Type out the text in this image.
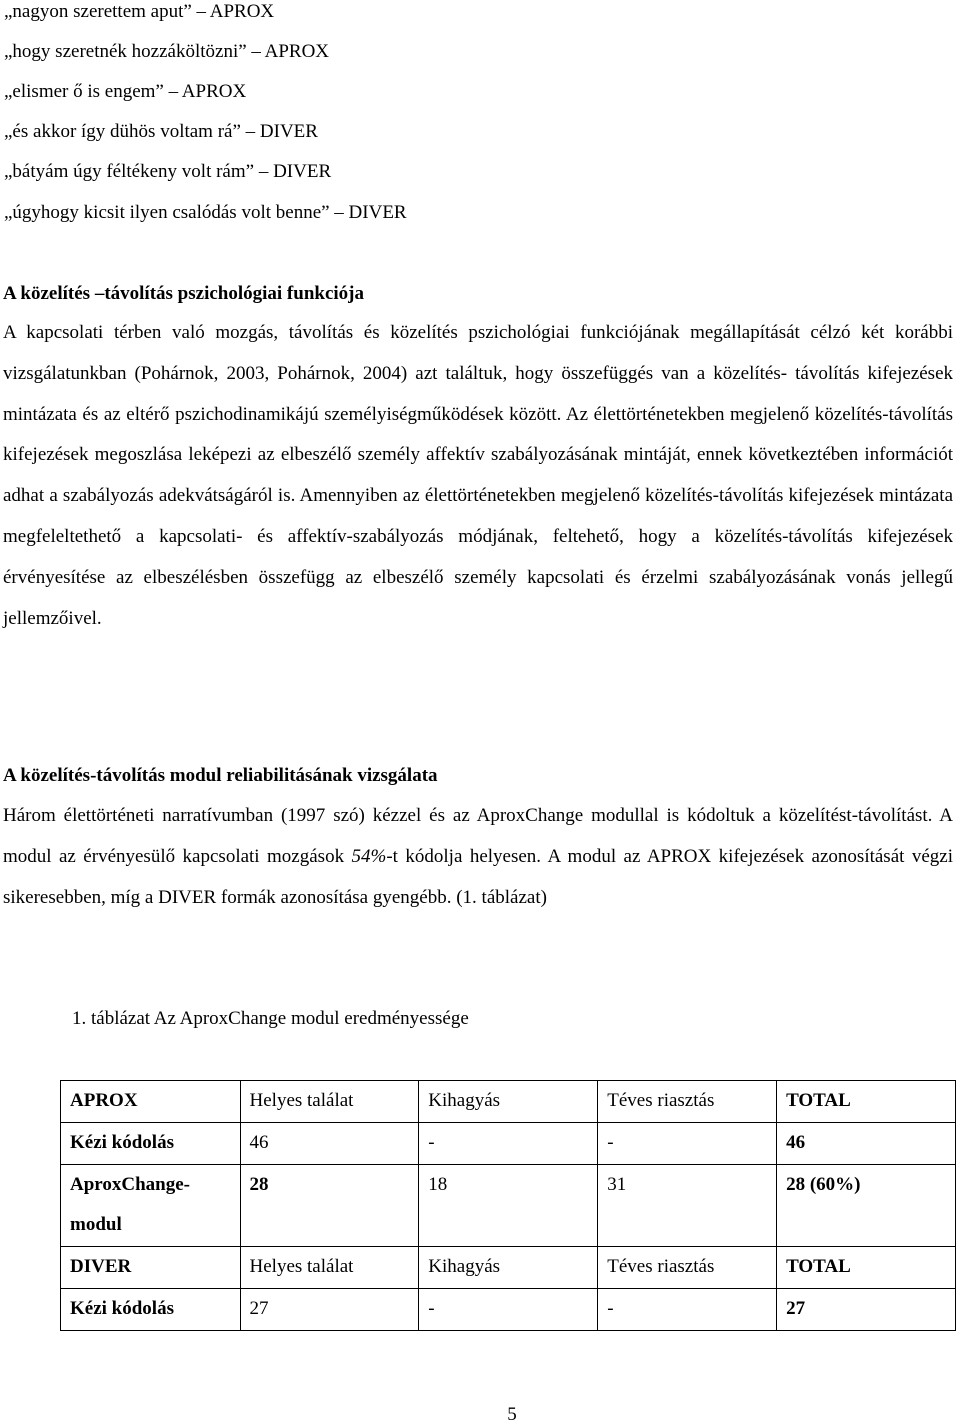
„nagyon szerettem aput” – APROX
„hogy szeretnék hozzáköltözni” – APROX
„elismer ő is engem” – APROX
„és akkor így dühös voltam rá” – DIVER
„bátyám úgy féltékeny volt rám” – DIVER
„úgyhogy kicsit ilyen csalódás volt benne” – DIVER
A közelítés –távolítás pszichológiai funkciója

A kapcsolati térben való mozgás, távolítás és közelítés pszichológiai funkciójának megállapítását célzó két korábbi vizsgálatunkban (Pohárnok, 2003, Pohárnok, 2004) azt találtuk, hogy összefüggés van a közelítés- távolítás kifejezések mintázata és az eltérő pszichodinamikájú személyiségműködések között. Az élettörténetekben megjelenő közelítés-távolítás kifejezések megoszlása leképezi az elbeszélő személy affektív szabályozásának mintáját, ennek következtében információt adhat a szabályozás adekvátságáról is. Amennyiben az élettörténetekben megjelenő közelítés-távolítás kifejezések mintázata megfeleltethető a kapcsolati- és affektív-szabályozás módjának, feltehető, hogy a közelítés-távolítás kifejezések érvényesítése az elbeszélésben összefügg az elbeszélő személy kapcsolati és érzelmi szabályozásának vonás jellegű jellemzőivel.

A közelítés-távolítás modul reliabilitásának vizsgálata

Három élettörténeti narratívumban (1997 szó) kézzel és az AproxChange modullal is kódoltuk a közelítést-távolítást. A modul az érvényesülő kapcsolati mozgások 54%-t kódolja helyesen. A modul az APROX kifejezések azonosítását végzi sikeresebben, míg a DIVER formák azonosítása gyengébb. (1. táblázat)

1. táblázat Az AproxChange modul eredményessége
APROX	Helyes találat	Kihagyás	Téves riasztás	TOTAL
Kézi kódolás	46	-	-	46
AproxChange-modul	28	18	31	28 (60%)
DIVER	Helyes találat	Kihagyás	Téves riasztás	TOTAL
Kézi kódolás	27	-	-	27
5
